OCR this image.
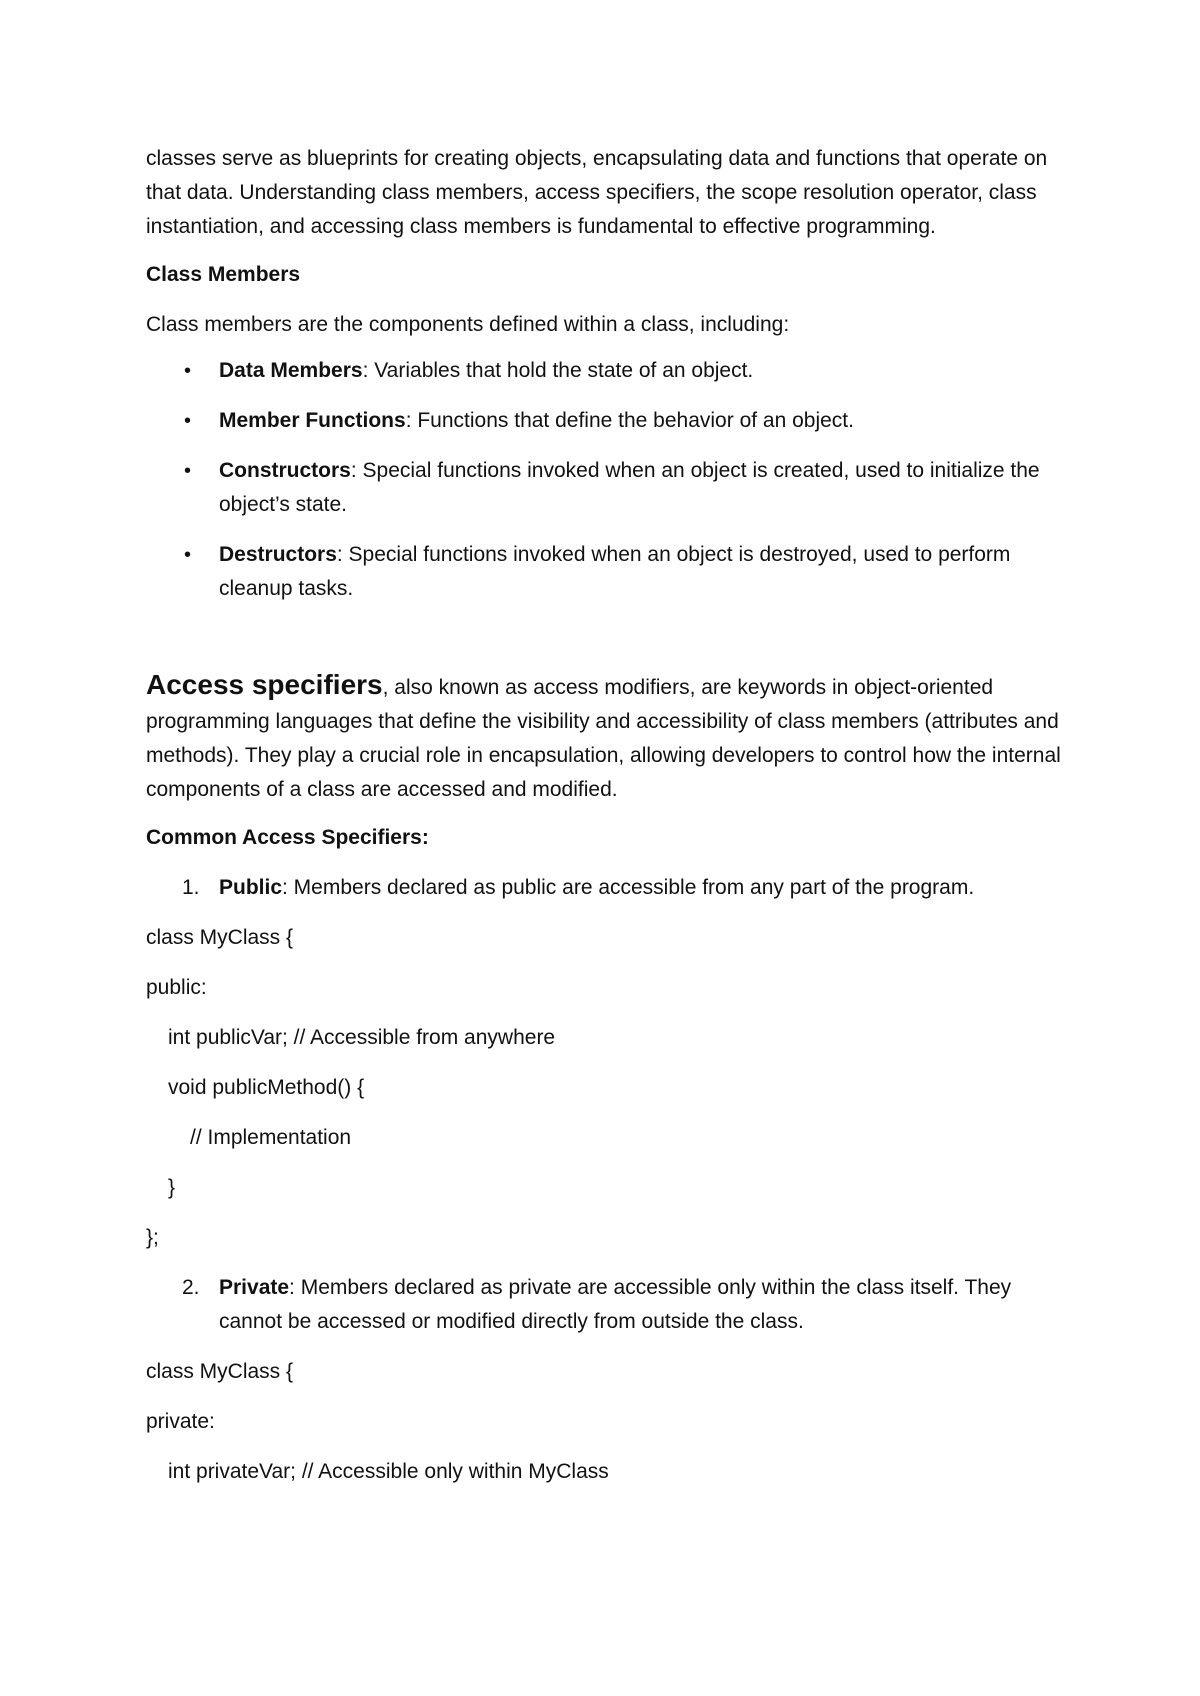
classes serve as blueprints for creating objects, encapsulating data and functions that operate on that data. Understanding class members, access specifiers, the scope resolution operator, class instantiation, and accessing class members is fundamental to effective programming.

Class Members

Class members are the components defined within a class, including:

• Data Members: Variables that hold the state of an object.
• Member Functions: Functions that define the behavior of an object.
• Constructors: Special functions invoked when an object is created, used to initialize the object’s state.
• Destructors: Special functions invoked when an object is destroyed, used to perform cleanup tasks.

Access specifiers, also known as access modifiers, are keywords in object-oriented programming languages that define the visibility and accessibility of class members (attributes and methods). They play a crucial role in encapsulation, allowing developers to control how the internal components of a class are accessed and modified.

Common Access Specifiers:

1. Public: Members declared as public are accessible from any part of the program.

class MyClass {

public:

int publicVar; // Accessible from anywhere

void publicMethod() {

// Implementation

}

};

2. Private: Members declared as private are accessible only within the class itself. They cannot be accessed or modified directly from outside the class.

class MyClass {

private:

int privateVar; // Accessible only within MyClass
